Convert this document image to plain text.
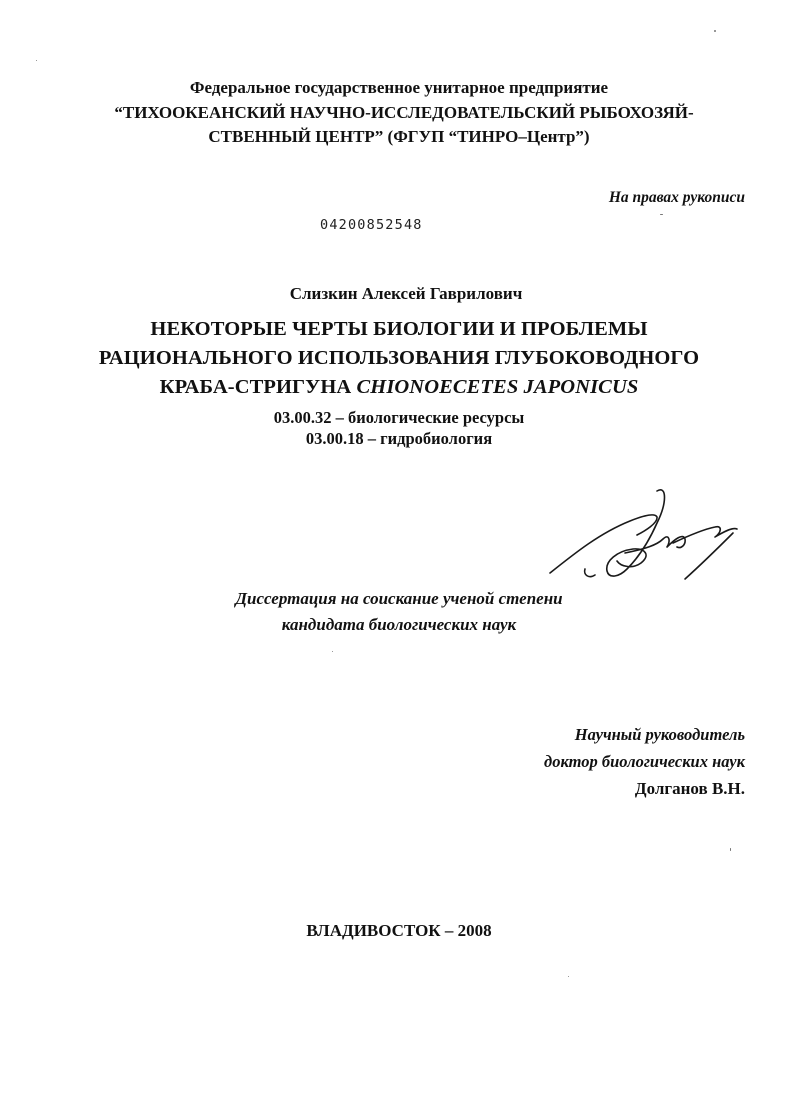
Федеральное государственное унитарное предприятие
“ТИХООКЕАНСКИЙ НАУЧНО-ИССЛЕДОВАТЕЛЬСКИЙ РЫБОХОЗЯЙ-
СТВЕННЫЙ ЦЕНТР” (ФГУП “ТИНРО–Центр”)
На правах рукописи
04200852548
Слизкин Алексей Гаврилович
НЕКОТОРЫЕ ЧЕРТЫ БИОЛОГИИ И ПРОБЛЕМЫ
РАЦИОНАЛЬНОГО ИСПОЛЬЗОВАНИЯ ГЛУБОКОВОДНОГО
КРАБА-СТРИГУНА CHIONOECETES JAPONICUS
03.00.32 – биологические ресурсы
03.00.18 – гидробиология
Диссертация на соискание ученой степени
кандидата биологических наук
Научный руководитель
доктор биологических наук
Долганов В.Н.
ВЛАДИВОСТОК – 2008
